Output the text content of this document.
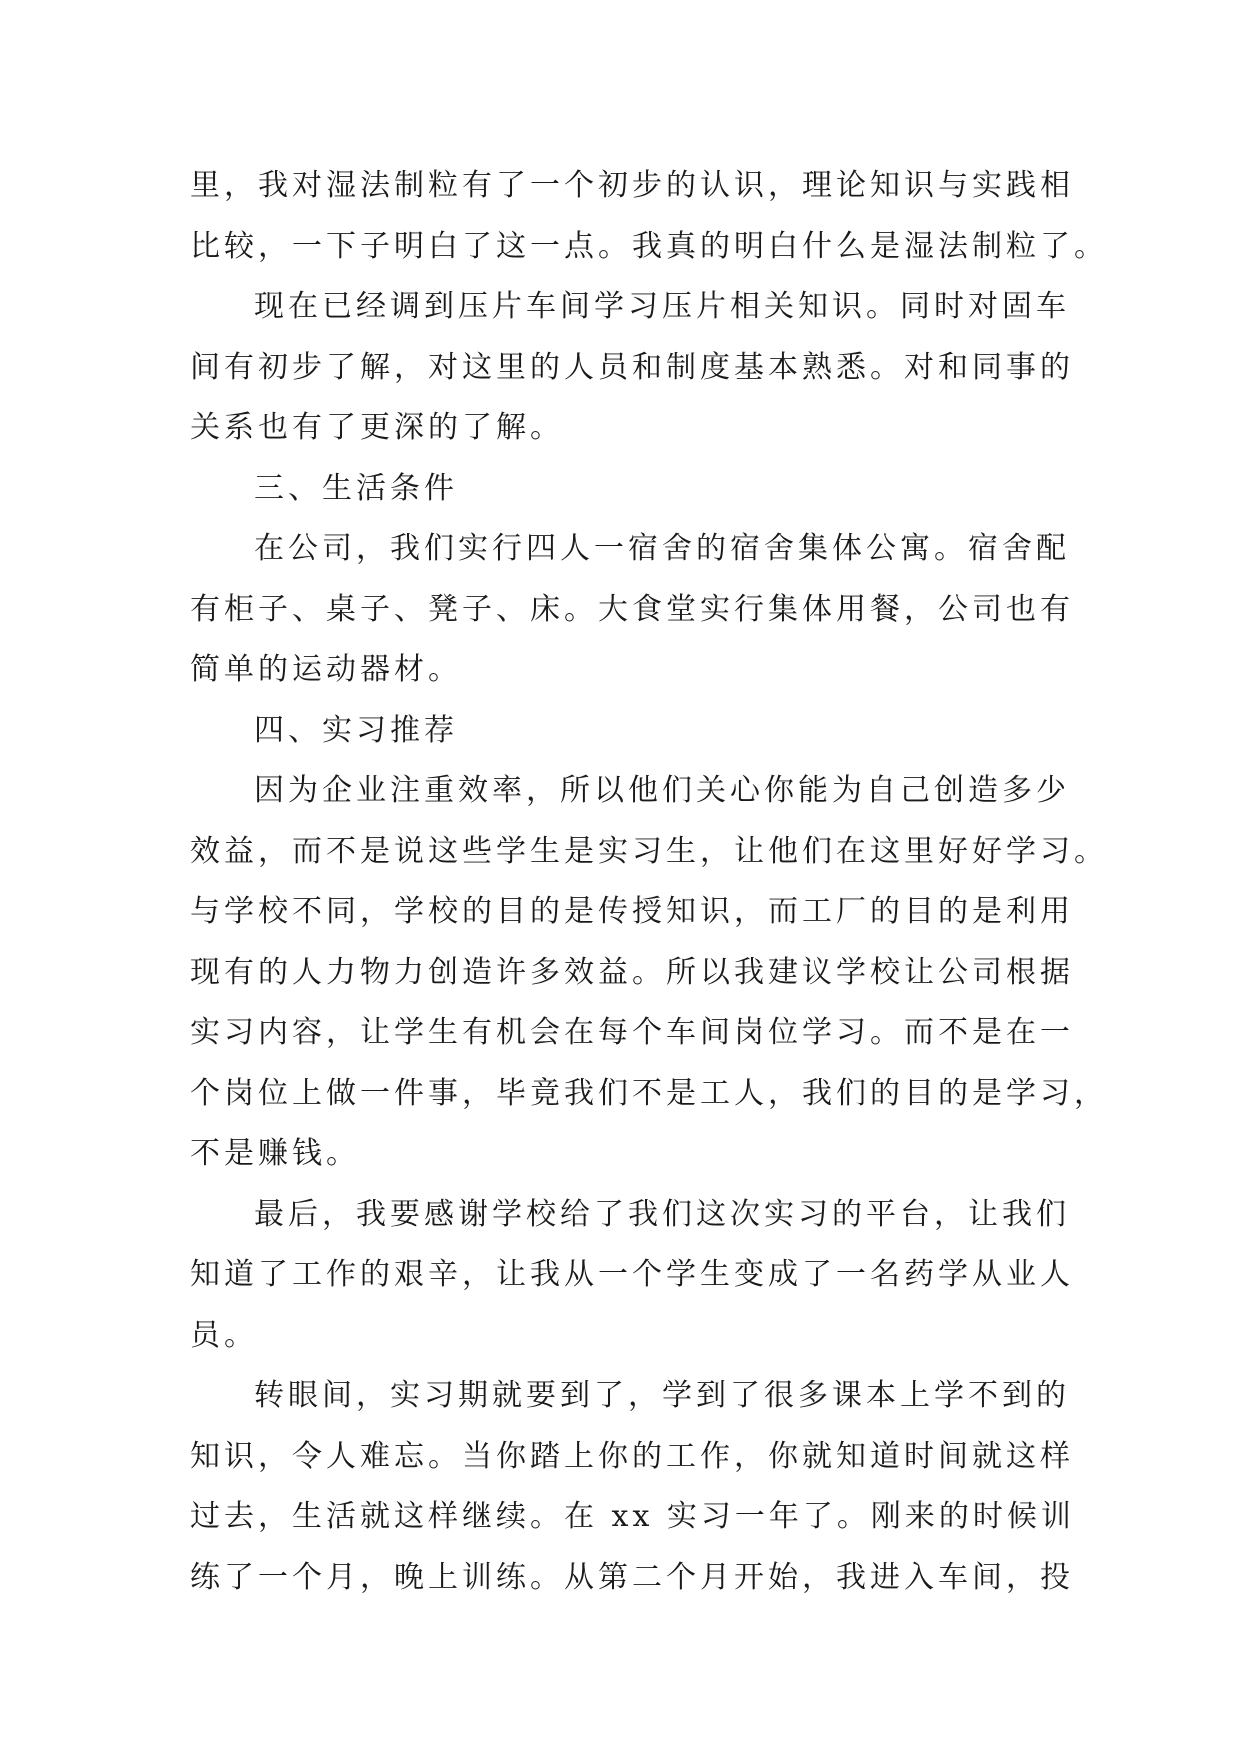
里，我对湿法制粒有了一个初步的认识，理论知识与实践相
比较，一下子明白了这一点。我真的明白什么是湿法制粒了。
现在已经调到压片车间学习压片相关知识。同时对固车
间有初步了解，对这里的人员和制度基本熟悉。对和同事的
关系也有了更深的了解。
三、生活条件
在公司，我们实行四人一宿舍的宿舍集体公寓。宿舍配
有柜子、桌子、凳子、床。大食堂实行集体用餐，公司也有
简单的运动器材。
四、实习推荐
因为企业注重效率，所以他们关心你能为自己创造多少
效益，而不是说这些学生是实习生，让他们在这里好好学习。
与学校不同，学校的目的是传授知识，而工厂的目的是利用
现有的人力物力创造许多效益。所以我建议学校让公司根据
实习内容，让学生有机会在每个车间岗位学习。而不是在一
个岗位上做一件事，毕竟我们不是工人，我们的目的是学习，
不是赚钱。
最后，我要感谢学校给了我们这次实习的平台，让我们
知道了工作的艰辛，让我从一个学生变成了一名药学从业人
员。
转眼间，实习期就要到了，学到了很多课本上学不到的
知识，令人难忘。当你踏上你的工作，你就知道时间就这样
过去，生活就这样继续。在 xx 实习一年了。刚来的时候训
练了一个月，晚上训练。从第二个月开始，我进入车间，投
